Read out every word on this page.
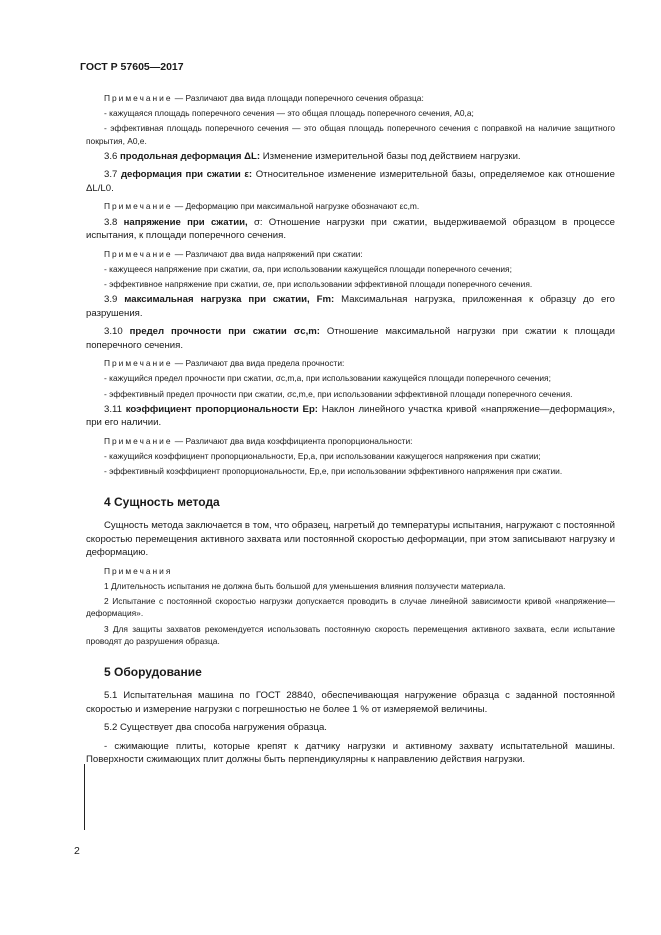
ГОСТ Р 57605—2017

Примечание — Различают два вида площади поперечного сечения образца:

- кажущаяся площадь поперечного сечения — это общая площадь поперечного сечения, A0,a;

- эффективная площадь поперечного сечения — это общая площадь поперечного сечения с поправкой на наличие защитного покрытия, A0,e.

3.6 продольная деформация ΔL: Изменение измерительной базы под действием нагрузки.

3.7 деформация при сжатии ε: Относительное изменение измерительной базы, определяемое как отношение ΔL/L0.

Примечание — Деформацию при максимальной нагрузке обозначают εc,m.

3.8 напряжение при сжатии, σ: Отношение нагрузки при сжатии, выдерживаемой образцом в процессе испытания, к площади поперечного сечения.

Примечание — Различают два вида напряжений при сжатии:

- кажущееся напряжение при сжатии, σa, при использовании кажущейся площади поперечного сечения;

- эффективное напряжение при сжатии, σe, при использовании эффективной площади поперечного сечения.

3.9 максимальная нагрузка при сжатии, Fm: Максимальная нагрузка, приложенная к образцу до его разрушения.

3.10 предел прочности при сжатии σc,m: Отношение максимальной нагрузки при сжатии к площади поперечного сечения.

Примечание — Различают два вида предела прочности:

- кажущийся предел прочности при сжатии, σc,m,a, при использовании кажущейся площади поперечного сечения;

- эффективный предел прочности при сжатии, σc,m,e, при использовании эффективной площади поперечного сечения.

3.11 коэффициент пропорциональности Ep: Наклон линейного участка кривой «напряжение—деформация», при его наличии.

Примечание — Различают два вида коэффициента пропорциональности:

- кажущийся коэффициент пропорциональности, Ep,a, при использовании кажущегося напряжения при сжатии;

- эффективный коэффициент пропорциональности, Ep,e, при использовании эффективного напряжения при сжатии.

4 Сущность метода

Сущность метода заключается в том, что образец, нагретый до температуры испытания, нагружают с постоянной скоростью перемещения активного захвата или постоянной скоростью деформации, при этом записывают нагрузку и деформацию.

Примечания

1 Длительность испытания не должна быть большой для уменьшения влияния ползучести материала.

2 Испытание с постоянной скоростью нагрузки допускается проводить в случае линейной зависимости кривой «напряжение—деформация».

3 Для защиты захватов рекомендуется использовать постоянную скорость перемещения активного захвата, если испытание проводят до разрушения образца.

5 Оборудование

5.1 Испытательная машина по ГОСТ 28840, обеспечивающая нагружение образца с заданной постоянной скоростью и измерение нагрузки с погрешностью не более 1 % от измеряемой величины.

5.2 Существует два способа нагружения образца.

- сжимающие плиты, которые крепят к датчику нагрузки и активному захвату испытательной машины. Поверхности сжимающих плит должны быть перпендикулярны к направлению действия нагрузки.

2
